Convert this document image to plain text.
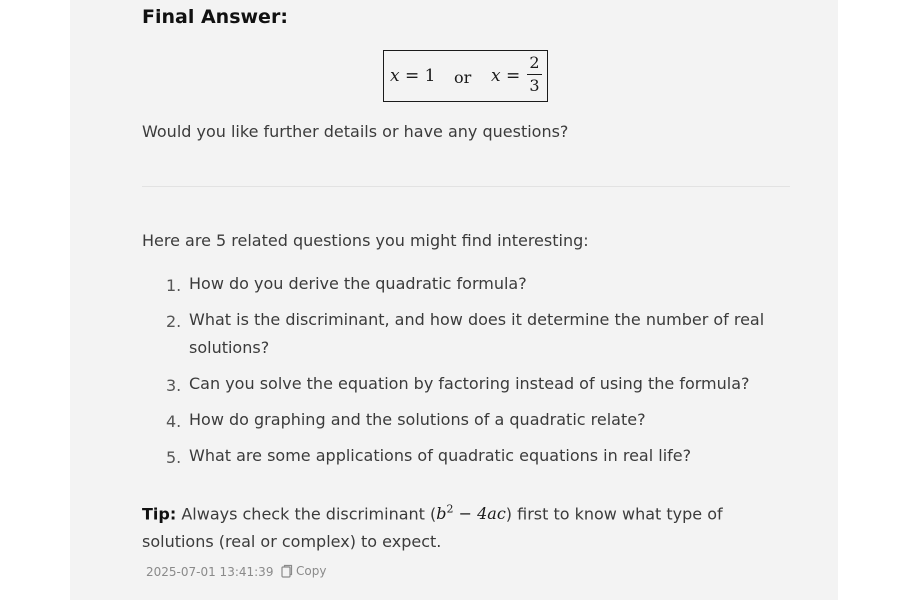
Final Answer:
x = 1 or x =
2
3
Would you like further details or have any questions?
Here are 5 related questions you might find interesting:
1. How do you derive the quadratic formula?
2. What is the discriminant, and how does it determine the number of real solutions?
3. Can you solve the equation by factoring instead of using the formula?
4. How do graphing and the solutions of a quadratic relate?
5. What are some applications of quadratic equations in real life?
Tip: Always check the discriminant $(b^2 - 4ac)$ first to know what type of solutions (real or complex) to expect.
2025-07-01 13:41:39	Copy
